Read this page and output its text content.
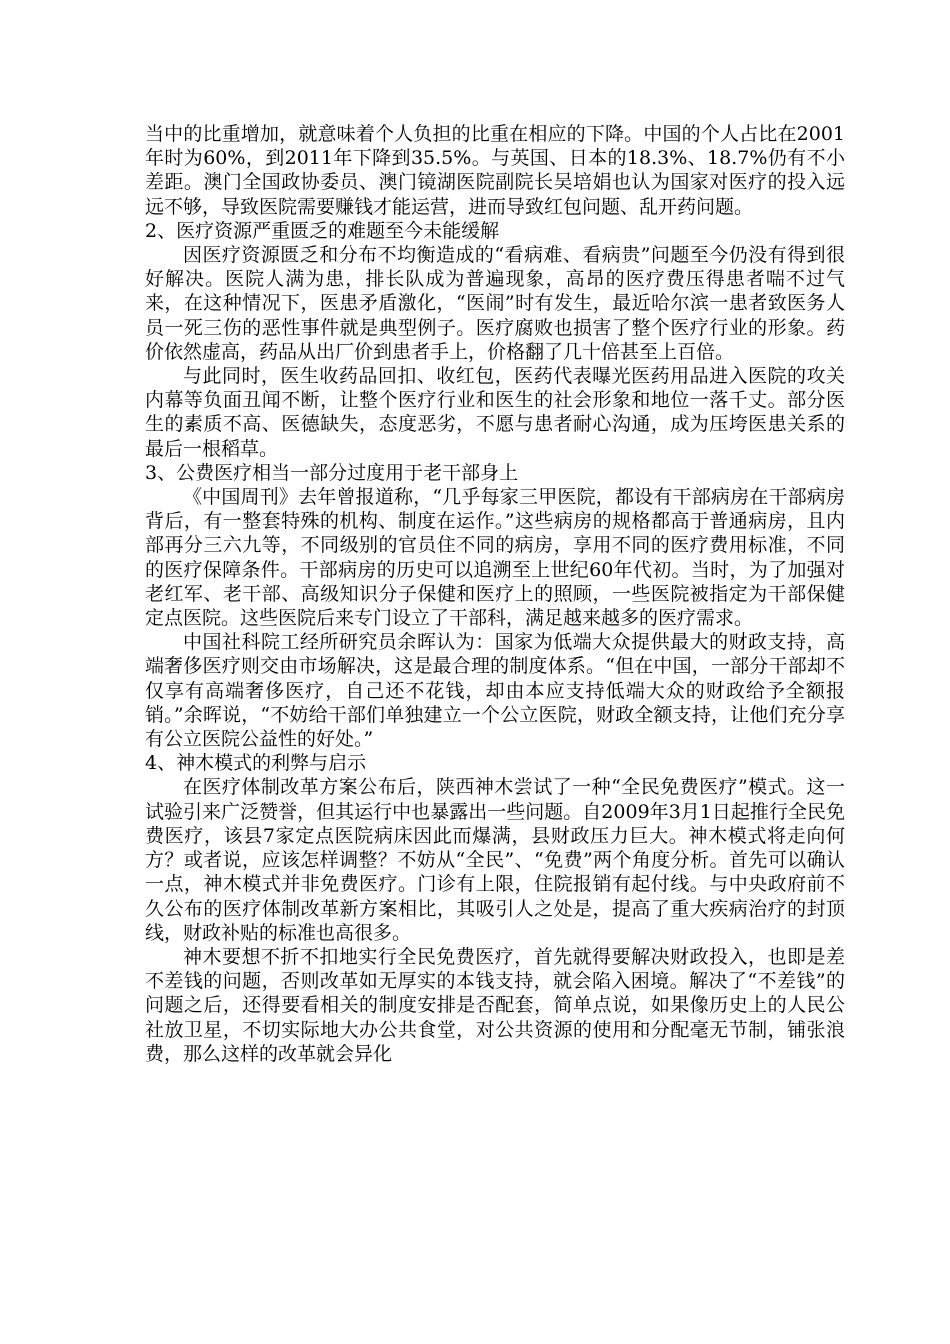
当中的比重增加，就意味着个人负担的比重在相应的下降。中国的个人占比在2001年时为60%，到2011年下降到35.5%。与英国、日本的18.3%、18.7%仍有不小差距。澳门全国政协委员、澳门镜湖医院副院长吴培娟也认为国家对医疗的投入远远不够，导致医院需要赚钱才能运营，进而导致红包问题、乱开药问题。

2、医疗资源严重匮乏的难题至今未能缓解

因医疗资源匮乏和分布不均衡造成的“看病难、看病贵”问题至今仍没有得到很好解决。医院人满为患，排长队成为普遍现象，高昂的医疗费压得患者喘不过气来，在这种情况下，医患矛盾激化，“医闹”时有发生，最近哈尔滨一患者致医务人员一死三伤的恶性事件就是典型例子。医疗腐败也损害了整个医疗行业的形象。药价依然虚高，药品从出厂价到患者手上，价格翻了几十倍甚至上百倍。

与此同时，医生收药品回扣、收红包，医药代表曝光医药用品进入医院的攻关内幕等负面丑闻不断，让整个医疗行业和医生的社会形象和地位一落千丈。部分医生的素质不高、医德缺失，态度恶劣，不愿与患者耐心沟通，成为压垮医患关系的最后一根稻草。

3、公费医疗相当一部分过度用于老干部身上

《中国周刊》去年曾报道称，“几乎每家三甲医院，都设有干部病房在干部病房背后，有一整套特殊的机构、制度在运作。”这些病房的规格都高于普通病房，且内部再分三六九等，不同级别的官员住不同的病房，享用不同的医疗费用标准，不同的医疗保障条件。干部病房的历史可以追溯至上世纪60年代初。当时，为了加强对老红军、老干部、高级知识分子保健和医疗上的照顾，一些医院被指定为干部保健定点医院。这些医院后来专门设立了干部科，满足越来越多的医疗需求。

中国社科院工经所研究员余晖认为：国家为低端大众提供最大的财政支持，高端奢侈医疗则交由市场解决，这是最合理的制度体系。“但在中国，一部分干部却不仅享有高端奢侈医疗，自己还不花钱，却由本应支持低端大众的财政给予全额报销。”余晖说，“不妨给干部们单独建立一个公立医院，财政全额支持，让他们充分享有公立医院公益性的好处。”

4、神木模式的利弊与启示

在医疗体制改革方案公布后，陕西神木尝试了一种“全民免费医疗”模式。这一试验引来广泛赞誉，但其运行中也暴露出一些问题。自2009年3月1日起推行全民免费医疗，该县7家定点医院病床因此而爆满，县财政压力巨大。神木模式将走向何方？或者说，应该怎样调整？不妨从“全民”、“免费”两个角度分析。首先可以确认一点，神木模式并非免费医疗。门诊有上限，住院报销有起付线。与中央政府前不久公布的医疗体制改革新方案相比，其吸引人之处是，提高了重大疾病治疗的封顶线，财政补贴的标准也高很多。

神木要想不折不扣地实行全民免费医疗，首先就得要解决财政投入，也即是差不差钱的问题，否则改革如无厚实的本钱支持，就会陷入困境。解决了“不差钱”的问题之后，还得要看相关的制度安排是否配套，简单点说，如果像历史上的人民公社放卫星，不切实际地大办公共食堂，对公共资源的使用和分配毫无节制，铺张浪费，那么这样的改革就会异化
